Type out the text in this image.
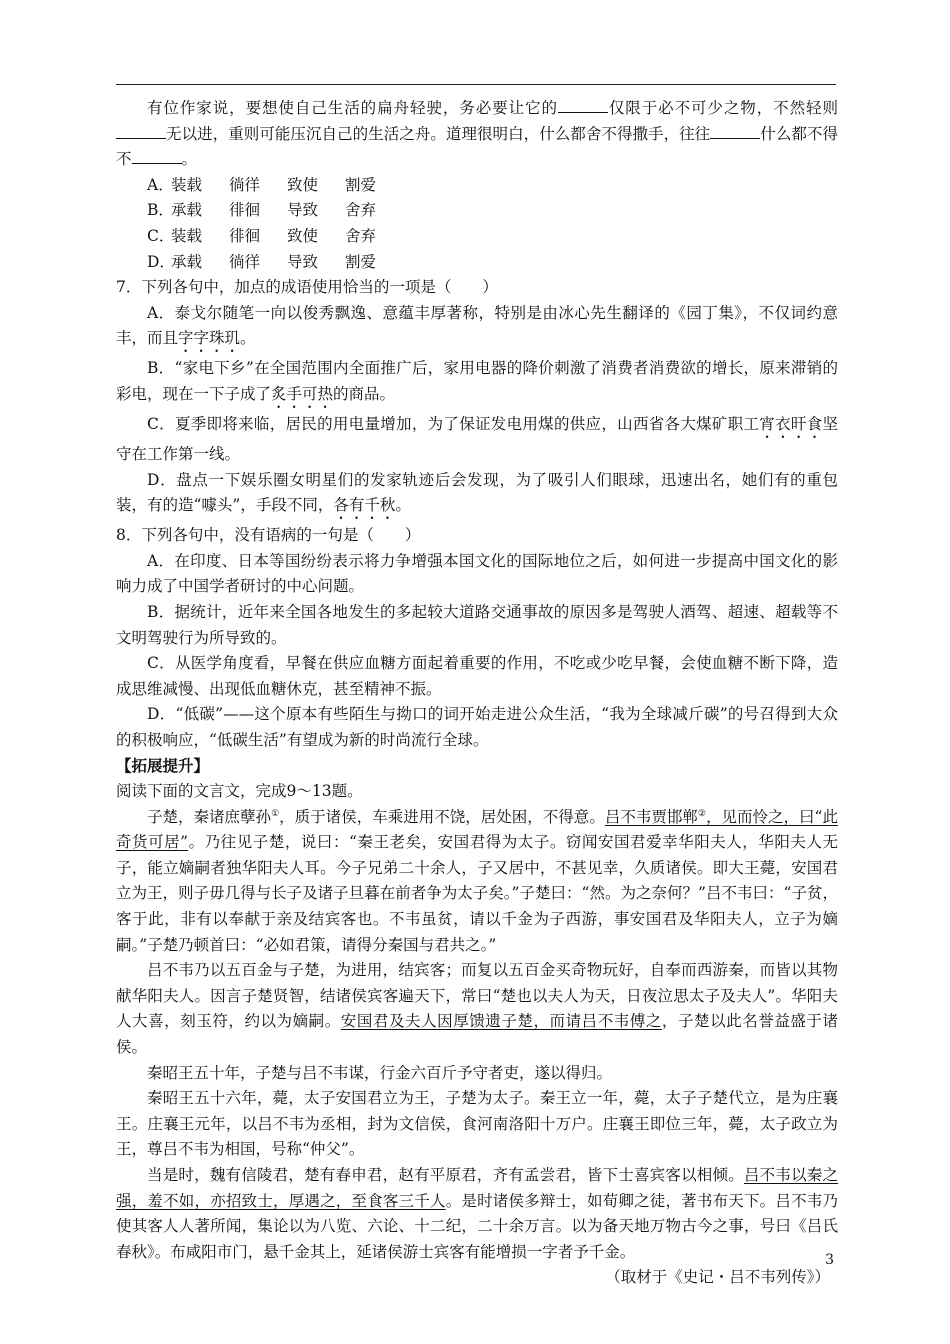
有位作家说，要想使自己生活的扁舟轻驶，务必要让它的	仅限于必不可少之物，不然轻则无以进，重则可能压沉自己的生活之舟。道理很明白，什么都舍不得撒手，往往	什么都不得不	。

A．装载 徜徉 致使 割爱

B．承载 徘徊 导致 舍弃

C．装载 徘徊 致使 舍弃

D．承载 徜徉 导致 割爱

7．下列各句中，加点的成语使用恰当的一项是（　　）

A．泰戈尔随笔一向以俊秀飘逸、意蕴丰厚著称，特别是由冰心先生翻译的《园丁集》，不仅词约意丰，而且字字珠玑。

B．“家电下乡”在全国范围内全面推广后，家用电器的降价刺激了消费者消费欲的增长，原来滞销的彩电，现在一下子成了炙手可热的商品。

C．夏季即将来临，居民的用电量增加，为了保证发电用煤的供应，山西省各大煤矿职工宵衣旰食坚守在工作第一线。

D．盘点一下娱乐圈女明星们的发家轨迹后会发现，为了吸引人们眼球，迅速出名，她们有的重包装，有的造“噱头”，手段不同，各有千秋。

8．下列各句中，没有语病的一句是（　　）

A．在印度、日本等国纷纷表示将力争增强本国文化的国际地位之后，如何进一步提高中国文化的影响力成了中国学者研讨的中心问题。

B．据统计，近年来全国各地发生的多起较大道路交通事故的原因多是驾驶人酒驾、超速、超载等不文明驾驶行为所导致的。

C．从医学角度看，早餐在供应血糖方面起着重要的作用，不吃或少吃早餐，会使血糖不断下降，造成思维减慢、出现低血糖休克，甚至精神不振。

D．“低碳”——这个原本有些陌生与拗口的词开始走进公众生活，“我为全球减斤碳”的号召得到大众的积极响应，“低碳生活”有望成为新的时尚流行全球。

【拓展提升】

阅读下面的文言文，完成9～13题。

子楚，秦诸庶孽孙①，质于诸侯，车乘进用不饶，居处困，不得意。吕不韦贾邯郸②，见而怜之，曰“此奇货可居”。乃往见子楚，说曰：“秦王老矣，安国君得为太子。窃闻安国君爱幸华阳夫人，华阳夫人无子，能立嫡嗣者独华阳夫人耳。今子兄弟二十余人，子又居中，不甚见幸，久质诸侯。即大王薨，安国君立为王，则子毋几得与长子及诸子旦暮在前者争为太子矣。”子楚曰：“然。为之奈何？”吕不韦曰：“子贫，客于此，非有以奉献于亲及结宾客也。不韦虽贫，请以千金为子西游，事安国君及华阳夫人，立子为嫡嗣。”子楚乃顿首曰：“必如君策，请得分秦国与君共之。”

吕不韦乃以五百金与子楚，为进用，结宾客；而复以五百金买奇物玩好，自奉而西游秦，而皆以其物献华阳夫人。因言子楚贤智，结诸侯宾客遍天下，常曰“楚也以夫人为天，日夜泣思太子及夫人”。华阳夫人大喜，刻玉符，约以为嫡嗣。安国君及夫人因厚馈遗子楚，而请吕不韦傅之，子楚以此名誉益盛于诸侯。

秦昭王五十年，子楚与吕不韦谋，行金六百斤予守者吏，遂以得归。

秦昭王五十六年，薨，太子安国君立为王，子楚为太子。秦王立一年，薨，太子子楚代立，是为庄襄王。庄襄王元年，以吕不韦为丞相，封为文信侯，食河南洛阳十万户。庄襄王即位三年，薨，太子政立为王，尊吕不韦为相国，号称“仲父”。

当是时，魏有信陵君，楚有春申君，赵有平原君，齐有孟尝君，皆下士喜宾客以相倾。吕不韦以秦之强，羞不如，亦招致士，厚遇之，至食客三千人。是时诸侯多辩士，如荀卿之徒，著书布天下。吕不韦乃使其客人人著所闻，集论以为八览、六论、十二纪，二十余万言。以为备天地万物古今之事，号曰《吕氏春秋》。布咸阳市门，悬千金其上，延诸侯游士宾客有能增损一字者予千金。

（取材于《史记・吕不韦列传》）

3
